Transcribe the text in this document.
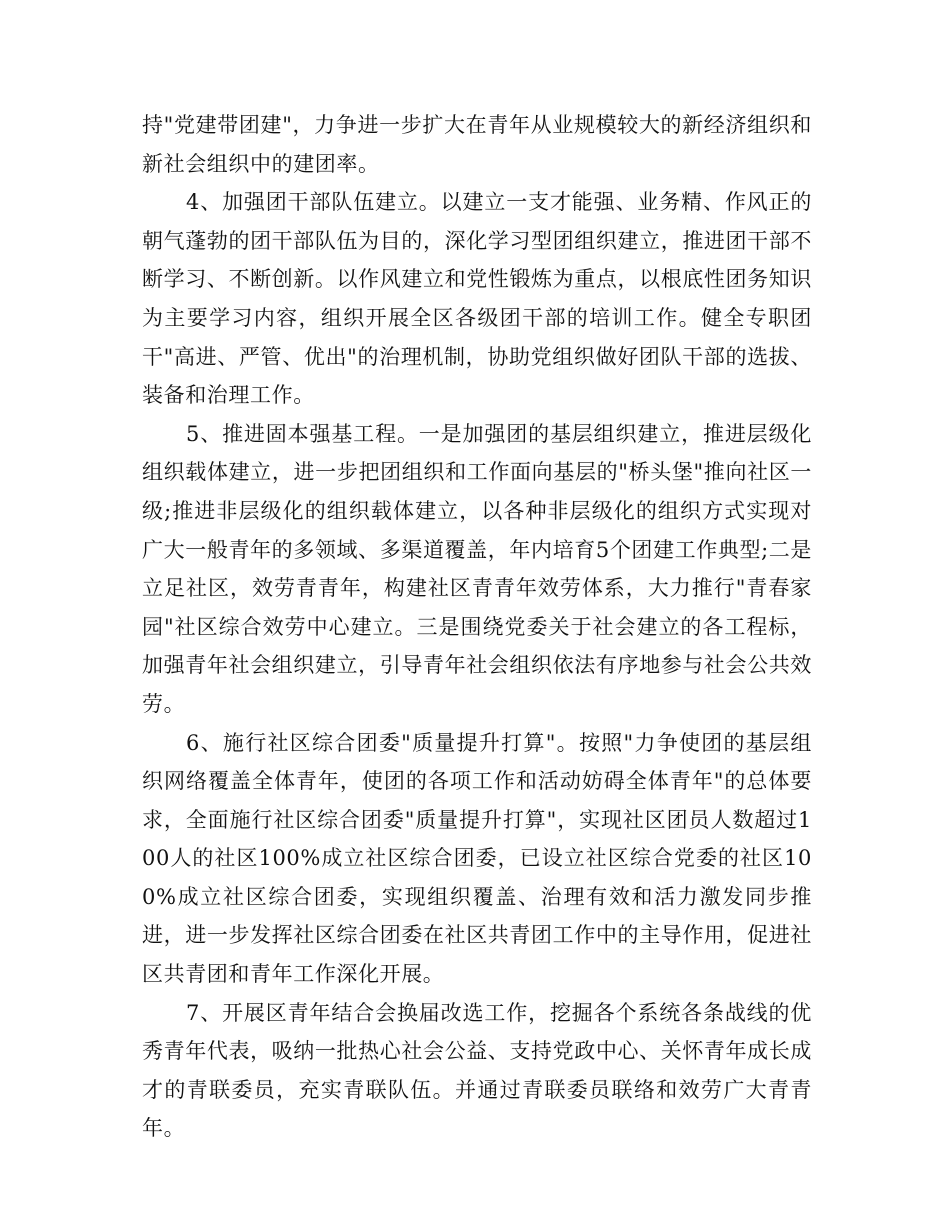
持"党建带团建"，力争进一步扩大在青年从业规模较大的新经济组织和新社会组织中的建团率。

4、加强团干部队伍建立。以建立一支才能强、业务精、作风正的朝气蓬勃的团干部队伍为目的，深化学习型团组织建立，推进团干部不断学习、不断创新。以作风建立和党性锻炼为重点，以根底性团务知识为主要学习内容，组织开展全区各级团干部的培训工作。健全专职团干"高进、严管、优出"的治理机制，协助党组织做好团队干部的选拔、装备和治理工作。

5、推进固本强基工程。一是加强团的基层组织建立，推进层级化组织载体建立，进一步把团组织和工作面向基层的"桥头堡"推向社区一级;推进非层级化的组织载体建立，以各种非层级化的组织方式实现对广大一般青年的多领域、多渠道覆盖，年内培育5个团建工作典型;二是立足社区，效劳青青年，构建社区青青年效劳体系，大力推行"青春家园"社区综合效劳中心建立。三是围绕党委关于社会建立的各工程标，加强青年社会组织建立，引导青年社会组织依法有序地参与社会公共效劳。

6、施行社区综合团委"质量提升打算"。按照"力争使团的基层组织网络覆盖全体青年，使团的各项工作和活动妨碍全体青年"的总体要求，全面施行社区综合团委"质量提升打算"，实现社区团员人数超过100人的社区100%成立社区综合团委，已设立社区综合党委的社区100%成立社区综合团委，实现组织覆盖、治理有效和活力激发同步推进，进一步发挥社区综合团委在社区共青团工作中的主导作用，促进社区共青团和青年工作深化开展。

7、开展区青年结合会换届改选工作，挖掘各个系统各条战线的优秀青年代表，吸纳一批热心社会公益、支持党政中心、关怀青年成长成才的青联委员，充实青联队伍。并通过青联委员联络和效劳广大青青年。
